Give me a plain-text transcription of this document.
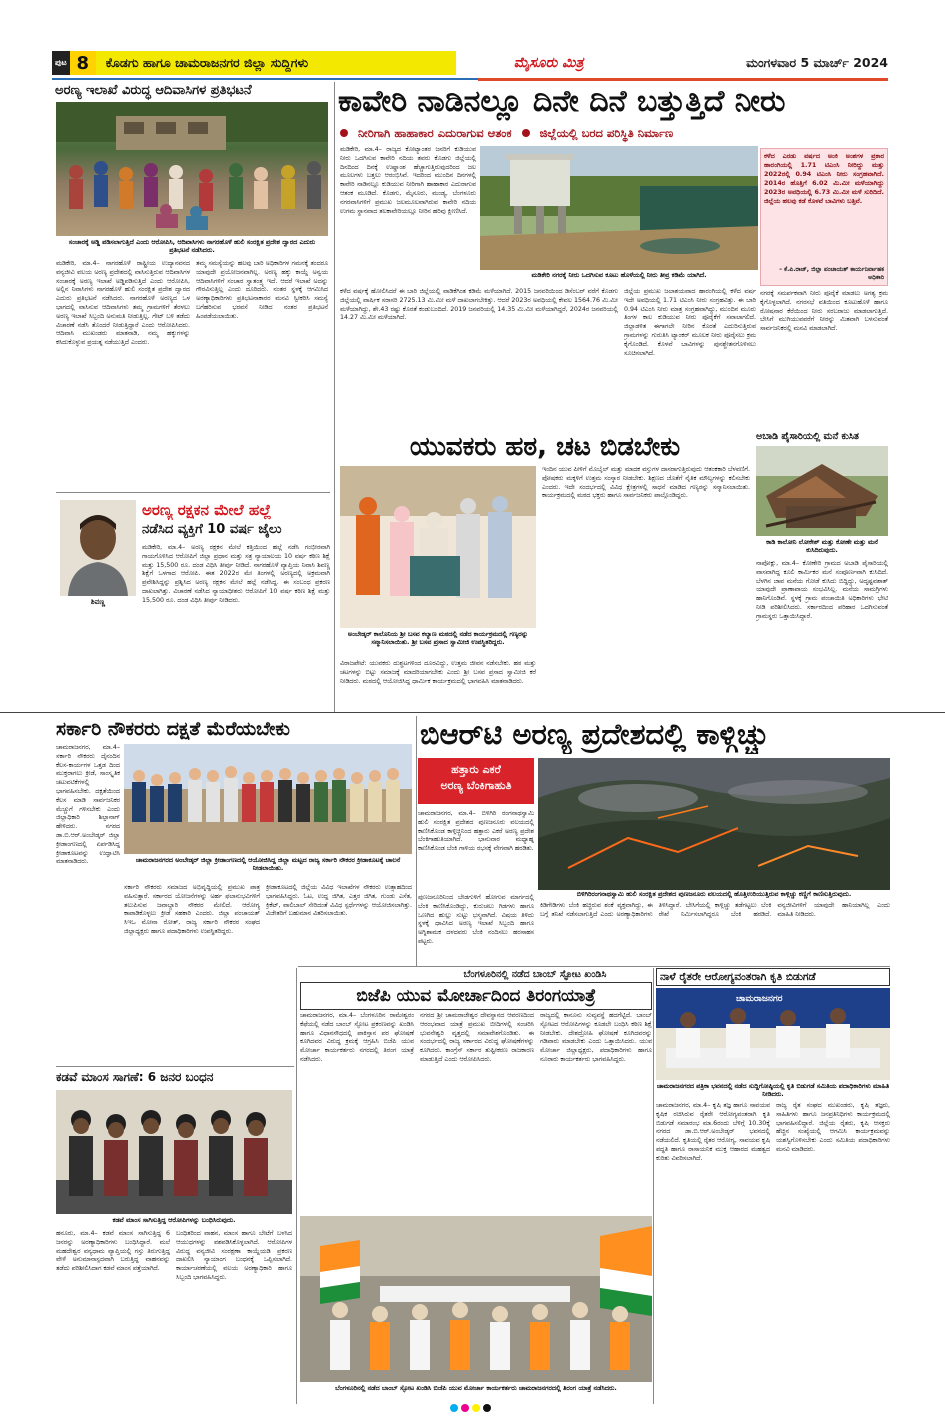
ಪುಟ 8	ಕೊಡಗು ಹಾಗೂ ಚಾಮರಾಜನಗರ ಜಿಲ್ಲಾ ಸುದ್ದಿಗಳು	ಮೈಸೂರು ಮಿತ್ರ	ಮಂಗಳವಾರ 5 ಮಾರ್ಚ್ 2024
ಅರಣ್ಯ ಇಲಾಖೆ ವಿರುದ್ಧ ಆದಿವಾಸಿಗಳ ಪ್ರತಿಭಟನೆ
ಸಂಚಾರಕ್ಕೆ ಅಡ್ಡಿ ಪಡಿಸಲಾಗುತ್ತಿದೆ ಎಂದು ಆರೋಪಿಸಿ, ಆದಿವಾಸಿಗಳು ನಾಗರಹೊಳೆ ಹುಲಿ ಸಂರಕ್ಷಿತ ಪ್ರದೇಶ ದ್ವಾರದ ಎದುರು ಪ್ರತಿಭಟನೆ ನಡೆಸಿದರು.
ಮಡಿಕೇರಿ, ಮಾ.4– ನಾಗರಹೊಳೆ ರಾಷ್ಟ್ರೀಯ ಉದ್ಯಾನವನದ ವನ್ಯಜೀವಿ ವಲಯ ಅರಣ್ಯ ಪ್ರದೇಶದಲ್ಲಿ ವಾಸಿಸುತ್ತಿರುವ ಆದಿವಾಸಿಗಳ ಸಂಚಾರಕ್ಕೆ ಅರಣ್ಯ ಇಲಾಖೆ ಅಡ್ಡಿಪಡಿಸುತ್ತಿದೆ ಎಂದು ಆರೋಪಿಸಿ, ಅಲ್ಲಿನ ನಿವಾಸಿಗಳು ನಾಗರಹೊಳೆ ಹುಲಿ ಸಂರಕ್ಷಿತ ಪ್ರದೇಶ ದ್ವಾರದ ಎದುರು ಪ್ರತಿಭಟನೆ ನಡೆಸಿದರು. ನಾಗರಹೊಳೆ ಅರಣ್ಯದ ಒಳ ಭಾಗದಲ್ಲಿ ವಾಸಿಸುವ ಆದಿವಾಸಿಗಳು ತಮ್ಮ ಗ್ರಾಮಗಳಿಗೆ ತೆರಳಲು ಅರಣ್ಯ ಇಲಾಖೆ ಸಿಬ್ಬಂದಿ ಅನುಮತಿ ನೀಡುತ್ತಿಲ್ಲ. ಗೇಟ್ ಬಳಿ ತಡೆದು ವಿಚಾರಣೆ ನಡೆಸಿ ತೊಂದರೆ ನೀಡುತ್ತಿದ್ದಾರೆ ಎಂದು ಆರೋಪಿಸಿದರು. ಆದಿವಾಸಿ ಮುಖಂಡರು ಮಾತನಾಡಿ, ನಮ್ಮ ಹಕ್ಕುಗಳನ್ನು ಕಸಿದುಕೊಳ್ಳುವ ಪ್ರಯತ್ನ ನಡೆಯುತ್ತಿದೆ ಎಂದರು.
ತಮ್ಮ ಸಮಸ್ಯೆಯನ್ನು ಹಲವು ಬಾರಿ ಅಧಿಕಾರಿಗಳ ಗಮನಕ್ಕೆ ತಂದರೂ ಯಾವುದೇ ಪ್ರಯೋಜನವಾಗಿಲ್ಲ. ಅರಣ್ಯ ಹಕ್ಕು ಕಾಯ್ದೆ ಅನ್ವಯ ಆದಿವಾಸಿಗಳಿಗೆ ಸಂಚಾರ ಸ್ವಾತಂತ್ರ್ಯ ಇದೆ. ಆದರೆ ಇಲಾಖೆ ಅದನ್ನು ಗೌರವಿಸುತ್ತಿಲ್ಲ ಎಂದು ದೂರಿದರು. ನಂತರ ಸ್ಥಳಕ್ಕೆ ಆಗಮಿಸಿದ ಅರಣ್ಯಾಧಿಕಾರಿಗಳು ಪ್ರತಿಭಟನಾಕಾರರ ಮನವಿ ಸ್ವೀಕರಿಸಿ ಸಮಸ್ಯೆ ಬಗೆಹರಿಸುವ ಭರವಸೆ ನೀಡಿದ ನಂತರ ಪ್ರತಿಭಟನೆ ಹಿಂಪಡೆಯಲಾಯಿತು.
ಕಾವೇರಿ ನಾಡಿನಲ್ಲೂ ದಿನೇ ದಿನೆ ಬತ್ತುತ್ತಿದೆ ನೀರು
ನೀರಿಗಾಗಿ ಹಾಹಾಕಾರ ಎದುರಾಗುವ ಆತಂಕ ಜಿಲ್ಲೆಯಲ್ಲಿ ಬರದ ಪರಿಸ್ಥಿತಿ ನಿರ್ಮಾಣ
ಮಡಿಕೇರಿ, ಮಾ.4– ರಾಜ್ಯದ ಕೋಟ್ಯಾಂತರ ಜನರಿಗೆ ಕುಡಿಯುವ ನೀರು ಒದಗಿಸುವ ಕಾವೇರಿ ನದಿಯ ತವರು ಕೊಡಗು ಜಿಲ್ಲೆಯಲ್ಲಿ ದಿನದಿಂದ ದಿನಕ್ಕೆ ಉಷ್ಣಾಂಶ ಹೆಚ್ಚಾಗುತ್ತಿರುವುದರಿಂದ ಜಲ ಮೂಲಗಳು ಬತ್ತಲು ಆರಂಭಿಸಿವೆ. ಇದರಿಂದ ಮುಂದಿನ ದಿನಗಳಲ್ಲಿ ಕಾವೇರಿ ನಾಡಿನಲ್ಲೂ ಕುಡಿಯುವ ನೀರಿಗಾಗಿ ಹಾಹಾಕಾರ ಎದುರಾಗುವ ಆತಂಕ ಮೂಡಿದೆ. ಕೊಡಗು, ಮೈಸೂರು, ಮಂಡ್ಯ, ಬೆಂಗಳೂರು ನಗರವಾಸಿಗಳಿಗೆ ಪ್ರಮುಖ ಜಲಮೂಲವಾಗಿರುವ ಕಾವೇರಿ ನದಿಯ ಉಗಮ ಸ್ಥಾನವಾದ ತಲಕಾವೇರಿಯಲ್ಲೂ ನೀರಿನ ಹರಿವು ಕ್ಷೀಣಿಸಿದೆ.
ಮಡಿಕೇರಿ ನಗರಕ್ಕೆ ನೀರು ಒದಗಿಸುವ ಕೂಟು ಹೊಳೆಯಲ್ಲಿ ನೀರು ತೀವ್ರ ಕಡಿಮೆ ಯಾಗಿದೆ.
ಕಳೆದ ವರ್ಷಕ್ಕೆ ಹೋಲಿಸಿದರೆ ಈ ಬಾರಿ ಜಿಲ್ಲೆಯಲ್ಲಿ ವಾಡಿಕೆಗಿಂತ ಕಡಿಮೆ ಮಳೆಯಾಗಿದೆ. 2015 ಜನವರಿಯಿಂದ ಡಿಸೆಂಬರ್ ವರೆಗೆ ಕೊಡಗು ಜಿಲ್ಲೆಯಲ್ಲಿ ವಾರ್ಷಿಕ ಸರಾಸರಿ 2725.13 ಮಿ.ಮೀ ಮಳೆ ದಾಖಲಾಗಬೇಕಿತ್ತು. ಆದರೆ 2023ರ ಅವಧಿಯಲ್ಲಿ ಕೇವಲ 1564.76 ಮಿ.ಮೀ ಮಳೆಯಾಗಿದ್ದು, ಶೇ.43 ರಷ್ಟು ಕೊರತೆ ಕಂಡುಬಂದಿದೆ. 2019 ಜನವರಿಯಲ್ಲಿ 14.35 ಮಿ.ಮೀ ಮಳೆಯಾಗಿದ್ದರೆ, 2024ರ ಜನವರಿಯಲ್ಲಿ 14.27 ಮಿ.ಮೀ ಮಳೆಯಾಗಿದೆ.
ಜಿಲ್ಲೆಯ ಪ್ರಮುಖ ಜಲಾಶಯವಾದ ಹಾರಂಗಿಯಲ್ಲಿ ಕಳೆದ ವರ್ಷ ಇದೇ ಅವಧಿಯಲ್ಲಿ 1.71 ಟಿಎಂಸಿ ನೀರು ಸಂಗ್ರಹವಿತ್ತು. ಈ ಬಾರಿ 0.94 ಟಿಎಂಸಿ ನೀರು ಮಾತ್ರ ಸಂಗ್ರಹವಾಗಿದ್ದು, ಮುಂದಿನ ಮೂರು ತಿಂಗಳ ಕಾಲ ಕುಡಿಯುವ ನೀರು ಪೂರೈಕೆಗೆ ಸವಾಲಾಗಲಿದೆ. ಜಿಲ್ಲಾಡಳಿತ ಈಗಾಗಲೇ ನೀರಿನ ಕೊರತೆ ಎದುರಿಸುತ್ತಿರುವ ಗ್ರಾಮಗಳನ್ನು ಗುರುತಿಸಿ ಟ್ಯಾಂಕರ್ ಮೂಲಕ ನೀರು ಪೂರೈಸಲು ಕ್ರಮ ಕೈಗೊಂಡಿದೆ. ಕೊಳವೆ ಬಾವಿಗಳನ್ನು ಪುನಶ್ಚೇತನಗೊಳಿಸಲು ಸೂಚಿಸಲಾಗಿದೆ.
ಕಳೆದ ಎರಡು ವರ್ಷದ ಅಂಕಿ ಅಂಶಗಳ ಪ್ರಕಾರ ಹಾರಂಗಿಯಲ್ಲಿ 1.71 ಟಿಎಂಸಿ ನೀರಿದ್ದು ಮತ್ತು 2022ರಲ್ಲಿ 0.94 ಟಿಎಂಸಿ ನೀರು ಸಂಗ್ರಹವಾಗಿದೆ. 2014ರ ಹೊತ್ತಿಗೆ 6.02 ಮಿ.ಮೀ ಮಳೆಯಾಗಿದ್ದು 2023ರ ಅವಧಿಯಲ್ಲಿ 6.73 ಮಿ.ಮೀ ಮಳೆ ಸುರಿದಿದೆ. ಜಿಲ್ಲೆಯ ಹಲವು ಕಡೆ ಕೊಳವೆ ಬಾವಿಗಳು ಬತ್ತಿವೆ.
– ಕೆ.ಪಿ.ರಾಜ್, ಜಿಲ್ಲಾ ಪಂಚಾಯತ್ ಕಾರ್ಯನಿರ್ವಾಹಕ ಅಧಿಕಾರಿ
ನಗರಕ್ಕೆ ಸಮರ್ಪಕವಾಗಿ ನೀರು ಪೂರೈಕೆ ಮಾಡಲು ಅಗತ್ಯ ಕ್ರಮ ಕೈಗೊಳ್ಳಲಾಗಿದೆ. ನಗರಸಭೆ ವತಿಯಿಂದ ಕೂಟುಹೊಳೆ ಹಾಗೂ ರೋಷನಾರ ಕೆರೆಯಿಂದ ನೀರು ಸರಬರಾಜು ಮಾಡಲಾಗುತ್ತಿದೆ. ಬೇಸಿಗೆ ಮುಗಿಯುವವರೆಗೆ ನೀರನ್ನು ಮಿತವಾಗಿ ಬಳಸುವಂತೆ ಸಾರ್ವಜನಿಕರಲ್ಲಿ ಮನವಿ ಮಾಡಲಾಗಿದೆ.
ಶಿವಣ್ಣ
ಅರಣ್ಯ ರಕ್ಷಕನ ಮೇಲೆ ಹಲ್ಲೆ
ನಡೆಸಿದ ವ್ಯಕ್ತಿಗೆ 10 ವರ್ಷ ಜೈಲು
ಮಡಿಕೇರಿ, ಮಾ.4– ಅರಣ್ಯ ರಕ್ಷಕನ ಮೇಲೆ ಕತ್ತಿಯಿಂದ ಹಲ್ಲೆ ನಡೆಸಿ ಗಂಭೀರವಾಗಿ ಗಾಯಗೊಳಿಸಿದ ಆರೋಪಿಗೆ ಜಿಲ್ಲಾ ಪ್ರಧಾನ ಮತ್ತು ಸತ್ರ ನ್ಯಾಯಾಲಯ 10 ವರ್ಷ ಕಠಿಣ ಶಿಕ್ಷೆ ಮತ್ತು 15,500 ರೂ. ದಂಡ ವಿಧಿಸಿ ತೀರ್ಪು ನೀಡಿದೆ. ನಾಗರಹೊಳೆ ವ್ಯಾಪ್ತಿಯ ನಿವಾಸಿ ಶಿವಣ್ಣ ಶಿಕ್ಷೆಗೆ ಒಳಗಾದ ಆರೋಪಿ. ಈತ 2022ರ ಮೇ ತಿಂಗಳಲ್ಲಿ ಅರಣ್ಯದಲ್ಲಿ ಅಕ್ರಮವಾಗಿ ಪ್ರವೇಶಿಸಿದ್ದನ್ನು ಪ್ರಶ್ನಿಸಿದ ಅರಣ್ಯ ರಕ್ಷಕನ ಮೇಲೆ ಹಲ್ಲೆ ನಡೆಸಿದ್ದ. ಈ ಸಂಬಂಧ ಪ್ರಕರಣ ದಾಖಲಾಗಿತ್ತು. ವಿಚಾರಣೆ ನಡೆಸಿದ ನ್ಯಾಯಾಧೀಶರು ಆರೋಪಿಗೆ 10 ವರ್ಷ ಕಠಿಣ ಶಿಕ್ಷೆ ಮತ್ತು 15,500 ರೂ. ದಂಡ ವಿಧಿಸಿ ತೀರ್ಪು ನೀಡಿದರು.
ಯುವಕರು ಹಠ, ಚಟ ಬಿಡಬೇಕು
ಅಂಬೇಡ್ಕರ್ ಕಾಲೊನಿಯ ಶ್ರೀ ಬಸವ ಕಲ್ಯಾಣ ಮಠದಲ್ಲಿ ನಡೆದ ಕಾರ್ಯಕ್ರಮದಲ್ಲಿ ಗಣ್ಯರನ್ನು ಸನ್ಮಾನಿಸಲಾಯಿತು. ಶ್ರೀ ಬಸವ ಪ್ರಸಾದ ಸ್ವಾಮೀಜಿ ಉಪಸ್ಥಿತರಿದ್ದರು.
ವಿರಾಜಪೇಟೆ: ಯುವಕರು ದುಶ್ಚಟಗಳಿಂದ ದೂರವಿದ್ದು, ಉತ್ತಮ ಜೀವನ ನಡೆಸಬೇಕು. ಹಠ ಮತ್ತು ಚಟಗಳನ್ನು ಬಿಟ್ಟು ಸಮಾಜಕ್ಕೆ ಮಾದರಿಯಾಗಬೇಕು ಎಂದು ಶ್ರೀ ಬಸವ ಪ್ರಸಾದ ಸ್ವಾಮೀಜಿ ಕರೆ ನೀಡಿದರು. ಮಠದಲ್ಲಿ ಆಯೋಜಿಸಿದ್ದ ಧಾರ್ಮಿಕ ಕಾರ್ಯಕ್ರಮದಲ್ಲಿ ಭಾಗವಹಿಸಿ ಮಾತನಾಡಿದರು.
ಇಂದಿನ ಯುವ ಪೀಳಿಗೆ ಮೊಬೈಲ್ ಮತ್ತು ಮಾದಕ ವಸ್ತುಗಳ ದಾಸರಾಗುತ್ತಿರುವುದು ಆತಂಕಕಾರಿ ಬೆಳವಣಿಗೆ. ಪೋಷಕರು ಮಕ್ಕಳಿಗೆ ಉತ್ತಮ ಸಂಸ್ಕಾರ ನೀಡಬೇಕು. ಶಿಕ್ಷಣದ ಜೊತೆಗೆ ನೈತಿಕ ಮೌಲ್ಯಗಳನ್ನು ಕಲಿಸಬೇಕು ಎಂದರು. ಇದೇ ಸಂದರ್ಭದಲ್ಲಿ ವಿವಿಧ ಕ್ಷೇತ್ರಗಳಲ್ಲಿ ಸಾಧನೆ ಮಾಡಿದ ಗಣ್ಯರನ್ನು ಸನ್ಮಾನಿಸಲಾಯಿತು. ಕಾರ್ಯಕ್ರಮದಲ್ಲಿ ಮಠದ ಭಕ್ತರು ಹಾಗೂ ಸಾರ್ವಜನಿಕರು ಪಾಲ್ಗೊಂಡಿದ್ದರು.
ಅಬಾಡಿ ಪೈಸಾರಿಯಲ್ಲಿ ಮನೆ ಕುಸಿತ
ಕಾಡಿ ಕಾಲೋನಿ ಲೋಕೇಶ್ ಮತ್ತು ಕೋಣೇ ಮತ್ತು ಮನೆ ಕುಸಿದಿರುವುದು.
ನಾಪೋಕ್ಲು, ಮಾ.4– ಕೋಣೇರಿ ಗ್ರಾಮದ ಅಬಾಡಿ ಪೈಸಾರಿಯಲ್ಲಿ ವಾಸವಾಗಿದ್ದ ಕೂಲಿ ಕಾರ್ಮಿಕರ ಮನೆ ಸಂಪೂರ್ಣವಾಗಿ ಕುಸಿದಿದೆ. ಬೆಳಗಿನ ಜಾವ ಮನೆಯ ಗೋಡೆ ಕುಸಿದು ಬಿದ್ದಿದ್ದು, ಅದೃಷ್ಟವಶಾತ್ ಯಾವುದೇ ಪ್ರಾಣಾಪಾಯ ಸಂಭವಿಸಿಲ್ಲ. ಮನೆಯ ಸಾಮಗ್ರಿಗಳು ಹಾನಿಗೊಂಡಿವೆ. ಸ್ಥಳಕ್ಕೆ ಗ್ರಾಮ ಪಂಚಾಯಿತಿ ಅಧಿಕಾರಿಗಳು ಭೇಟಿ ನೀಡಿ ಪರಿಶೀಲಿಸಿದರು. ಸರ್ಕಾರದಿಂದ ಪರಿಹಾರ ಒದಗಿಸುವಂತೆ ಗ್ರಾಮಸ್ಥರು ಒತ್ತಾಯಿಸಿದ್ದಾರೆ.
ಸರ್ಕಾರಿ ನೌಕರರು ದಕ್ಷತೆ ಮೆರೆಯಬೇಕು
ಚಾಮರಾಜನಗರ, ಮಾ.4– ಸರ್ಕಾರಿ ನೌಕರರು ದೈನಂದಿನ ಕೆಲಸ-ಕಾರ್ಯಗಳ ಒತ್ತಡ ದಿಂದ ಮುಕ್ತರಾಗಲು ಕ್ರೀಡೆ, ಸಾಂಸ್ಕೃತಿಕ ಚಟುವಟಿಕೆಗಳಲ್ಲಿ ಭಾಗವಹಿಸಬೇಕು. ದಕ್ಷತೆಯಿಂದ ಕೆಲಸ ಮಾಡಿ ಸಾರ್ವಜನಿಕರ ಮೆಚ್ಚುಗೆ ಗಳಿಸಬೇಕು ಎಂದು ಜಿಲ್ಲಾಧಿಕಾರಿ ಶಿಲ್ಪಾನಾಗ್ ಹೇಳಿದರು. ನಗರದ ಡಾ.ಬಿ.ಆರ್.ಅಂಬೇಡ್ಕರ್ ಜಿಲ್ಲಾ ಕ್ರೀಡಾಂಗಣದಲ್ಲಿ ಏರ್ಪಡಿಸಿದ್ದ ಕ್ರೀಡಾಕೂಟವನ್ನು ಉದ್ಘಾಟಿಸಿ ಮಾತನಾಡಿದರು.	ಚಾಮರಾಜನಗರದ ಅಂಬೇಡ್ಕರ್ ಜಿಲ್ಲಾ ಕ್ರೀಡಾಂಗಣದಲ್ಲಿ ಆಯೋಜಿಸಿದ್ದ ಜಿಲ್ಲಾ ಮಟ್ಟದ ರಾಜ್ಯ ಸರ್ಕಾರಿ ನೌಕರರ ಕ್ರೀಡಾಕೂಟಕ್ಕೆ ಚಾಲನೆ ನೀಡಲಾಯಿತು.
ಸರ್ಕಾರಿ ನೌಕರರು ಸಮಾಜದ ಅಭಿವೃದ್ಧಿಯಲ್ಲಿ ಪ್ರಮುಖ ಪಾತ್ರ ವಹಿಸುತ್ತಾರೆ. ಸರ್ಕಾರದ ಯೋಜನೆಗಳನ್ನು ಅರ್ಹ ಫಲಾನುಭವಿಗಳಿಗೆ ತಲುಪಿಸುವ ಜವಾಬ್ದಾರಿ ನೌಕರರ ಮೇಲಿದೆ. ಆರೋಗ್ಯ ಕಾಪಾಡಿಕೊಳ್ಳಲು ಕ್ರೀಡೆ ಸಹಕಾರಿ ಎಂದರು. ಜಿಲ್ಲಾ ಪಂಚಾಯತ್ ಸಿಇಒ ಮೋನಾ ರೋತ್, ರಾಜ್ಯ ಸರ್ಕಾರಿ ನೌಕರರ ಸಂಘದ ಜಿಲ್ಲಾಧ್ಯಕ್ಷರು ಹಾಗೂ ಪದಾಧಿಕಾರಿಗಳು ಉಪಸ್ಥಿತರಿದ್ದರು.
ಕ್ರೀಡಾಕೂಟದಲ್ಲಿ ಜಿಲ್ಲೆಯ ವಿವಿಧ ಇಲಾಖೆಗಳ ನೌಕರರು ಉತ್ಸಾಹದಿಂದ ಭಾಗವಹಿಸಿದ್ದರು. ಓಟ, ಉದ್ದ ಜಿಗಿತ, ಎತ್ತರ ಜಿಗಿತ, ಗುಂಡು ಎಸೆತ, ಕ್ರಿಕೆಟ್, ವಾಲಿಬಾಲ್ ಸೇರಿದಂತೆ ವಿವಿಧ ಸ್ಪರ್ಧೆಗಳನ್ನು ಆಯೋಜಿಸಲಾಗಿತ್ತು. ವಿಜೇತರಿಗೆ ಬಹುಮಾನ ವಿತರಿಸಲಾಯಿತು.
ಬಿಆರ್‌ಟಿ ಅರಣ್ಯ ಪ್ರದೇಶದಲ್ಲಿ ಕಾಳ್ಗಿಚ್ಚು
ಹತ್ತಾರು ಎಕರೆ
ಅರಣ್ಯ ಬೆಂಕಿಗಾಹುತಿ
ಚಾಮರಾಜನಗರ, ಮಾ.4– ಬಿಳಿಗಿರಿ ರಂಗನಾಥಸ್ವಾಮಿ ಹುಲಿ ಸಂರಕ್ಷಿತ ಪ್ರದೇಶದ ಪುಣಜನೂರು ವಲಯದಲ್ಲಿ ಕಾಣಿಸಿಕೊಂಡ ಕಾಳ್ಗಿಚ್ಚಿನಿಂದ ಹತ್ತಾರು ಎಕರೆ ಅರಣ್ಯ ಪ್ರದೇಶ ಬೆಂಕಿಗಾಹುತಿಯಾಗಿದೆ. ಭಾನುವಾರ ಮಧ್ಯಾಹ್ನ ಕಾಣಿಸಿಕೊಂಡ ಬೆಂಕಿ ಗಾಳಿಯ ರಭಸಕ್ಕೆ ವೇಗವಾಗಿ ಹರಡಿತು.
ಬಿಳಿಗಿರಿರಂಗನಾಥಸ್ವಾಮಿ ಹುಲಿ ಸಂರಕ್ಷಿತ ಪ್ರದೇಶದ ಪುಣಜನೂರು ವಲಯದಲ್ಲಿ ಹೊತ್ತಿಉರಿಯುತ್ತಿರುವ ಕಾಳ್ಗಿಚ್ಚು ಕಣ್ಣಿಗೆ ಕಾಣಿಸುತ್ತಿರುವುದು.
ಪುಣಜನೂರಿನಿಂದ ಬೇಡಗುಳಿಗೆ ಹೋಗುವ ಮಾರ್ಗದಲ್ಲಿ ಬೆಂಕಿ ಕಾಣಿಸಿಕೊಂಡಿದ್ದು, ಕುರುಚಲು ಗಿಡಗಳು ಹಾಗೂ ಒಣಗಿದ ಹುಲ್ಲು ಸುಟ್ಟು ಭಸ್ಮವಾಗಿದೆ. ವಿಷಯ ತಿಳಿದು ಸ್ಥಳಕ್ಕೆ ಧಾವಿಸಿದ ಅರಣ್ಯ ಇಲಾಖೆ ಸಿಬ್ಬಂದಿ ಹಾಗೂ ಅಗ್ನಿಶಾಮಕ ದಳದವರು ಬೆಂಕಿ ನಂದಿಸಲು ಹರಸಾಹಸ ಪಟ್ಟರು.
ಕಿಡಿಗೇಡಿಗಳು ಬೆಂಕಿ ಹಚ್ಚಿರುವ ಶಂಕೆ ವ್ಯಕ್ತವಾಗಿದ್ದು, ಈ ಬಗ್ಗೆ ತನಿಖೆ ನಡೆಸಲಾಗುತ್ತಿದೆ ಎಂದು ಅರಣ್ಯಾಧಿಕಾರಿಗಳು ತಿಳಿಸಿದ್ದಾರೆ. ಬೇಸಿಗೆಯಲ್ಲಿ ಕಾಳ್ಗಿಚ್ಚು ತಡೆಗಟ್ಟಲು ಬೆಂಕಿ ರೇಖೆ ನಿರ್ಮಿಸಲಾಗಿದ್ದರೂ ಬೆಂಕಿ ಹರಡಿದೆ. ವನ್ಯಜೀವಿಗಳಿಗೆ ಯಾವುದೇ ಹಾನಿಯಾಗಿಲ್ಲ ಎಂದು ಮಾಹಿತಿ ನೀಡಿದರು.
ಬೆಂಗಳೂರಿನಲ್ಲಿ ನಡೆದ ಬಾಂಬ್ ಸ್ಫೋಟ ಖಂಡಿಸಿ
ಬಿಜೆಪಿ ಯುವ ಮೋರ್ಚಾದಿಂದ ತಿರಂಗಯಾತ್ರೆ
ಚಾಮರಾಜನಗರ, ಮಾ.4– ಬೆಂಗಳೂರಿನ ರಾಮೇಶ್ವರಂ ಕೆಫೆಯಲ್ಲಿ ನಡೆದ ಬಾಂಬ್ ಸ್ಫೋಟ ಪ್ರಕರಣವನ್ನು ಖಂಡಿಸಿ ಹಾಗೂ ವಿಧಾನಸೌಧದಲ್ಲಿ ಪಾಕಿಸ್ತಾನ ಪರ ಘೋಷಣೆ ಕೂಗಿದವರ ವಿರುದ್ಧ ಕ್ರಮಕ್ಕೆ ಆಗ್ರಹಿಸಿ ಬಿಜೆಪಿ ಯುವ ಮೋರ್ಚಾ ಕಾರ್ಯಕರ್ತರು ನಗರದಲ್ಲಿ ತಿರಂಗ ಯಾತ್ರೆ ನಡೆಸಿದರು.
ನಗರದ ಶ್ರೀ ಚಾಮರಾಜೇಶ್ವರ ದೇವಸ್ಥಾನದ ಆವರಣದಿಂದ ಆರಂಭವಾದ ಯಾತ್ರೆ ಪ್ರಮುಖ ಬೀದಿಗಳಲ್ಲಿ ಸಂಚರಿಸಿ ಭುವನೇಶ್ವರಿ ವೃತ್ತದಲ್ಲಿ ಸಮಾವೇಶಗೊಂಡಿತು. ಈ ಸಂದರ್ಭದಲ್ಲಿ ರಾಜ್ಯ ಸರ್ಕಾರದ ವಿರುದ್ಧ ಘೋಷಣೆಗಳನ್ನು ಕೂಗಿದರು. ಕಾಂಗ್ರೆಸ್ ಸರ್ಕಾರ ತುಷ್ಟೀಕರಣ ರಾಜಕಾರಣ ಮಾಡುತ್ತಿದೆ ಎಂದು ಆರೋಪಿಸಿದರು.
ರಾಜ್ಯದಲ್ಲಿ ಕಾನೂನು ಸುವ್ಯವಸ್ಥೆ ಹದಗೆಟ್ಟಿದೆ. ಬಾಂಬ್ ಸ್ಫೋಟದ ಆರೋಪಿಗಳನ್ನು ಕೂಡಲೇ ಬಂಧಿಸಿ ಕಠಿಣ ಶಿಕ್ಷೆ ನೀಡಬೇಕು. ದೇಶದ್ರೋಹಿ ಘೋಷಣೆ ಕೂಗಿದವರನ್ನು ಗಡಿಪಾರು ಮಾಡಬೇಕು ಎಂದು ಒತ್ತಾಯಿಸಿದರು. ಯುವ ಮೋರ್ಚಾ ಜಿಲ್ಲಾಧ್ಯಕ್ಷರು, ಪದಾಧಿಕಾರಿಗಳು ಹಾಗೂ ನೂರಾರು ಕಾರ್ಯಕರ್ತರು ಭಾಗವಹಿಸಿದ್ದರು.
ಬೆಂಗಳೂರಿನಲ್ಲಿ ನಡೆದ ಬಾಂಬ್ ಸ್ಫೋಟ ಖಂಡಿಸಿ ಬಿಜೆಪಿ ಯುವ ಮೋರ್ಚಾ ಕಾರ್ಯಕರ್ತರು ಚಾಮರಾಜನಗರದಲ್ಲಿ ತಿರಂಗ ಯಾತ್ರೆ ನಡೆಸಿದರು.
ನಾಳೆ ರೈತರೇ ಆರೋಗ್ಯವಂತರಾಗಿ ಕೃತಿ ಬಿಡುಗಡೆ
ಚಾಮರಾಜನಗರ
ಚಾಮರಾಜನಗರದ ಪತ್ರಿಕಾ ಭವನದಲ್ಲಿ ನಡೆದ ಸುದ್ದಿಗೋಷ್ಠಿಯಲ್ಲಿ ಕೃತಿ ಬಿಡುಗಡೆ ಸಮಿತಿಯ ಪದಾಧಿಕಾರಿಗಳು ಮಾಹಿತಿ ನೀಡಿದರು.
ಚಾಮರಾಜನಗರ, ಮಾ.4– ಕೃಷಿ ತಜ್ಞ ಹಾಗೂ ಸಾವಯವ ಕೃಷಿಕ ರಚಿಸಿರುವ ರೈತರೇ ಆರೋಗ್ಯವಂತರಾಗಿ ಕೃತಿ ಬಿಡುಗಡೆ ಸಮಾರಂಭ ಮಾ.6ರಂದು ಬೆಳಿಗ್ಗೆ 10.30ಕ್ಕೆ ನಗರದ ಡಾ.ಬಿ.ಆರ್.ಅಂಬೇಡ್ಕರ್ ಭವನದಲ್ಲಿ ನಡೆಯಲಿದೆ. ಕೃತಿಯಲ್ಲಿ ರೈತರ ಆರೋಗ್ಯ, ಸಾವಯವ ಕೃಷಿ ಪದ್ಧತಿ ಹಾಗೂ ರಾಸಾಯನಿಕ ಮುಕ್ತ ಆಹಾರದ ಮಹತ್ವದ ಕುರಿತು ವಿವರಿಸಲಾಗಿದೆ.
ರಾಜ್ಯ ರೈತ ಸಂಘದ ಮುಖಂಡರು, ಕೃಷಿ ತಜ್ಞರು, ಸಾಹಿತಿಗಳು ಹಾಗೂ ಜನಪ್ರತಿನಿಧಿಗಳು ಕಾರ್ಯಕ್ರಮದಲ್ಲಿ ಭಾಗವಹಿಸಲಿದ್ದಾರೆ. ಜಿಲ್ಲೆಯ ರೈತರು, ಕೃಷಿ ಆಸಕ್ತರು ಹೆಚ್ಚಿನ ಸಂಖ್ಯೆಯಲ್ಲಿ ಆಗಮಿಸಿ ಕಾರ್ಯಕ್ರಮವನ್ನು ಯಶಸ್ವಿಗೊಳಿಸಬೇಕು ಎಂದು ಸಮಿತಿಯ ಪದಾಧಿಕಾರಿಗಳು ಮನವಿ ಮಾಡಿದರು.
ಕಡವೆ ಮಾಂಸ ಸಾಗಣೆ: 6 ಜನರ ಬಂಧನ
ಕಡವೆ ಮಾಂಸ ಸಾಗಿಸುತ್ತಿದ್ದ ಆರೋಪಿಗಳನ್ನು ಬಂಧಿಸಿರುವುದು.
ಹನೂರು, ಮಾ.4– ಕಡವೆ ಮಾಂಸ ಸಾಗಿಸುತ್ತಿದ್ದ 6 ಜನರನ್ನು ಅರಣ್ಯಾಧಿಕಾರಿಗಳು ಬಂಧಿಸಿದ್ದಾರೆ. ಮಲೆ ಮಹದೇಶ್ವರ ವನ್ಯಧಾಮ ವ್ಯಾಪ್ತಿಯಲ್ಲಿ ಗಸ್ತು ತಿರುಗುತ್ತಿದ್ದ ವೇಳೆ ಅನುಮಾನಾಸ್ಪದವಾಗಿ ಬರುತ್ತಿದ್ದ ವಾಹನವನ್ನು ತಡೆದು ಪರಿಶೀಲಿಸಿದಾಗ ಕಡವೆ ಮಾಂಸ ಪತ್ತೆಯಾಗಿದೆ.
ಬಂಧಿತರಿಂದ ವಾಹನ, ಮಾಂಸ ಹಾಗೂ ಬೇಟೆಗೆ ಬಳಸಿದ ಆಯುಧಗಳನ್ನು ವಶಪಡಿಸಿಕೊಳ್ಳಲಾಗಿದೆ. ಆರೋಪಿಗಳ ವಿರುದ್ಧ ವನ್ಯಜೀವಿ ಸಂರಕ್ಷಣಾ ಕಾಯ್ದೆಯಡಿ ಪ್ರಕರಣ ದಾಖಲಿಸಿ ನ್ಯಾಯಾಂಗ ಬಂಧನಕ್ಕೆ ಒಪ್ಪಿಸಲಾಗಿದೆ. ಕಾರ್ಯಾಚರಣೆಯಲ್ಲಿ ವಲಯ ಅರಣ್ಯಾಧಿಕಾರಿ ಹಾಗೂ ಸಿಬ್ಬಂದಿ ಭಾಗವಹಿಸಿದ್ದರು.
